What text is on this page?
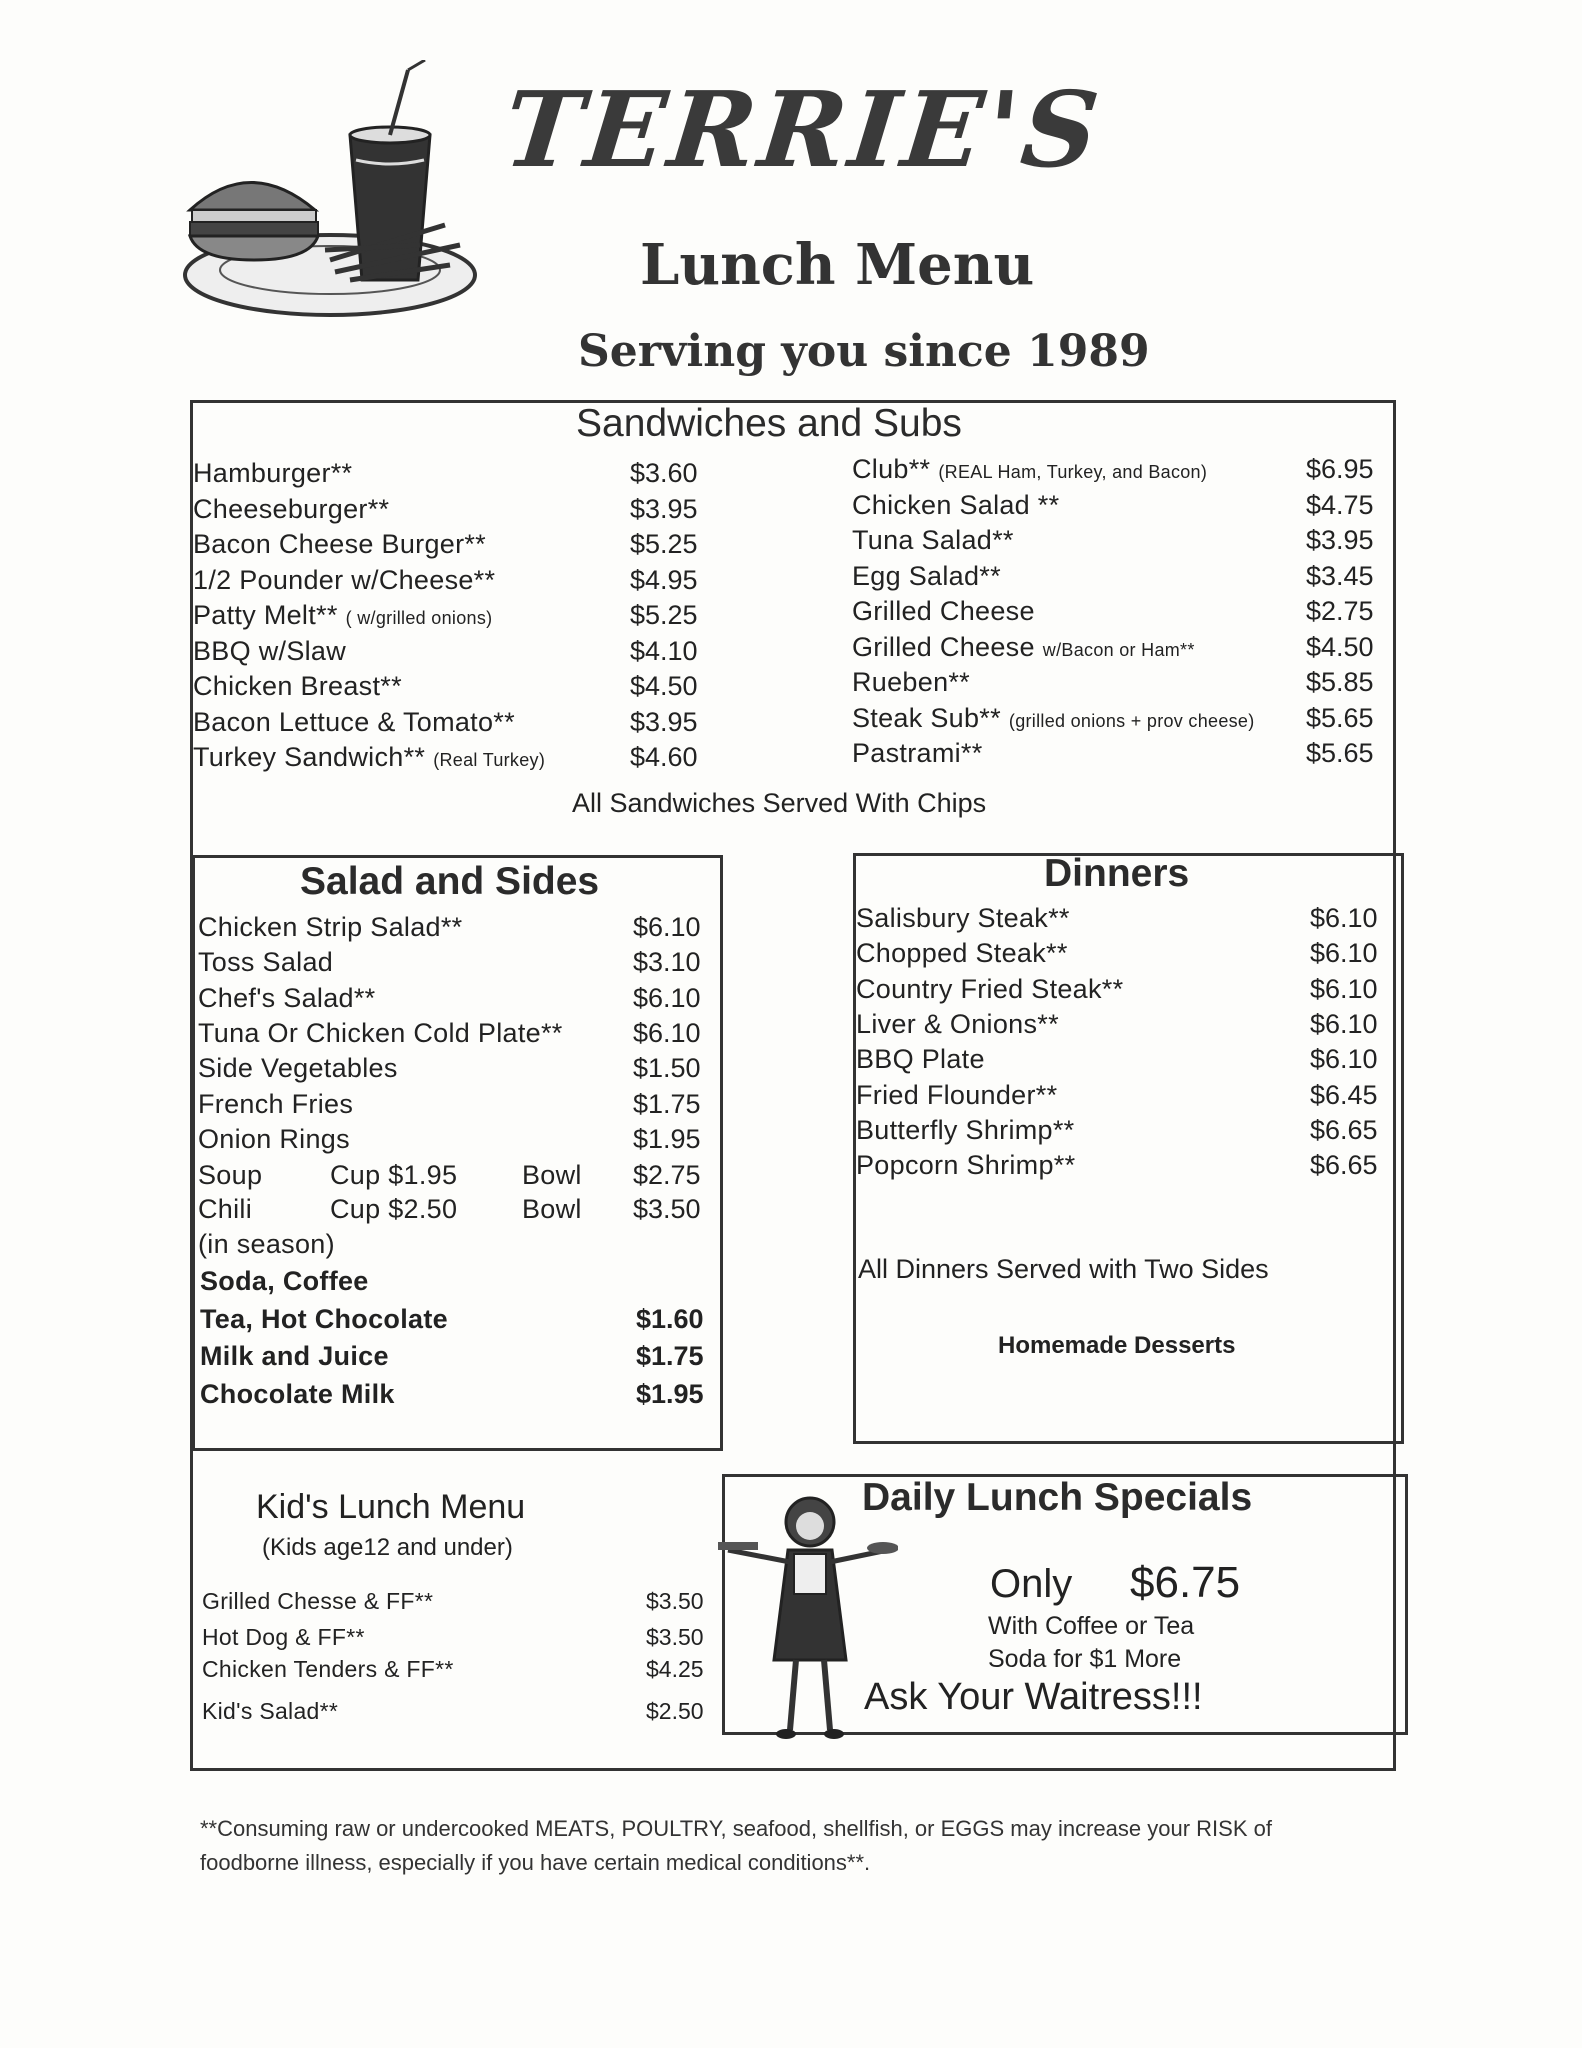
TERRIE'S
Lunch Menu
Serving you since 1989
Sandwiches and Subs
Hamburger**	$3.60
Cheeseburger**	$3.95
Bacon Cheese Burger**	$5.25
1/2 Pounder w/Cheese**	$4.95
Patty Melt** ( w/grilled onions)	$5.25
BBQ w/Slaw	$4.10
Chicken Breast**	$4.50
Bacon Lettuce & Tomato**	$3.95
Turkey Sandwich** (Real Turkey)	$4.60
Club** (REAL Ham, Turkey, and Bacon)	$6.95
Chicken Salad **	$4.75
Tuna Salad**	$3.95
Egg Salad**	$3.45
Grilled Cheese	$2.75
Grilled Cheese w/Bacon or Ham**	$4.50
Rueben**	$5.85
Steak Sub** (grilled onions + prov cheese) $5.65
Pastrami**	$5.65
All Sandwiches Served With Chips
Salad and Sides
Chicken Strip Salad**	$6.10
Toss Salad	$3.10
Chef's Salad**	$6.10
Tuna Or Chicken Cold Plate**	$6.10
Side Vegetables	$1.50
French Fries	$1.75
Onion Rings	$1.95
Soup	Cup $1.95 Bowl $2.75
Chili	Cup $2.50 Bowl $3.50
(in season)
Soda, Coffee
Tea, Hot Chocolate	$1.60
Milk and Juice	$1.75
Chocolate Milk	$1.95
Dinners
Salisbury Steak**	$6.10
Chopped Steak**	$6.10
Country Fried Steak**	$6.10
Liver & Onions**	$6.10
BBQ Plate	$6.10
Fried Flounder**	$6.45
Butterfly Shrimp**	$6.65
Popcorn Shrimp**	$6.65
All Dinners Served with Two Sides
Homemade Desserts
Kid's Lunch Menu
(Kids age12 and under)
Grilled Chesse & FF**	$3.50
Hot Dog & FF**	$3.50
Chicken Tenders & FF**	$4.25
Kid's Salad**	$2.50
Daily Lunch Specials
Only $6.75
With Coffee or Tea
Soda for $1 More
Ask Your Waitress!!!
**Consuming raw or undercooked MEATS, POULTRY, seafood, shellfish, or EGGS may increase your RISK of
foodborne illness, especially if you have certain medical conditions**.
